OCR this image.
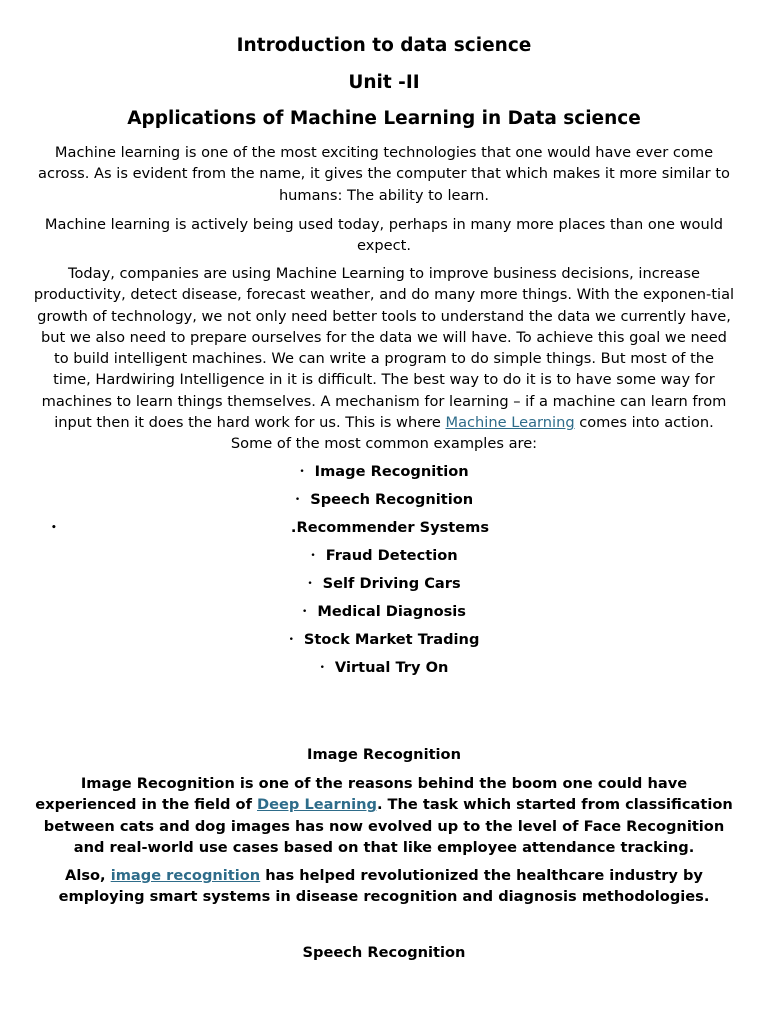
Introduction to data science
Unit -II
Applications of Machine Learning in Data science

Machine learning is one of the most exciting technologies that one would have ever come across. As is evident from the name, it gives the computer that which makes it more similar to humans: The ability to learn.

Machine learning is actively being used today, perhaps in many more places than one would expect.

Today, companies are using Machine Learning to improve business decisions, increase productivity, detect disease, forecast weather, and do many more things. With the exponen-tial growth of technology, we not only need better tools to understand the data we currently have, but we also need to prepare ourselves for the data we will have. To achieve this goal we need to build intelligent machines. We can write a program to do simple things. But most of the time, Hardwiring Intelligence in it is difficult. The best way to do it is to have some way for machines to learn things themselves. A mechanism for learning – if a machine can learn from input then it does the hard work for us. This is where Machine Learning comes into action. Some of the most common examples are:

• Image Recognition
• Speech Recognition
•	.Recommender Systems
• Fraud Detection
• Self Driving Cars
• Medical Diagnosis
• Stock Market Trading
• Virtual Try On
Image Recognition

Image Recognition is one of the reasons behind the boom one could have experienced in the field of Deep Learning. The task which started from classification between cats and dog images has now evolved up to the level of Face Recognition and real-world use cases based on that like employee attendance tracking.

Also, image recognition has helped revolutionized the healthcare industry by employing smart systems in disease recognition and diagnosis methodologies.

Speech Recognition
